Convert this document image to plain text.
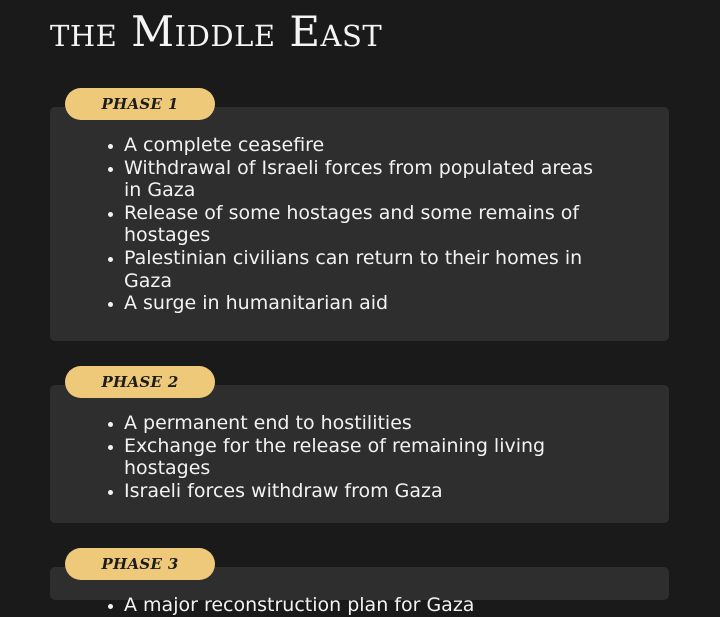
the Middle East
PHASE 1
A complete ceasefire
Withdrawal of Israeli forces from populated areas in Gaza
Release of some hostages and some remains of hostages
Palestinian civilians can return to their homes in Gaza
A surge in humanitarian aid
PHASE 2
A permanent end to hostilities
Exchange for the release of remaining living hostages
Israeli forces withdraw from Gaza
PHASE 3
A major reconstruction plan for Gaza
